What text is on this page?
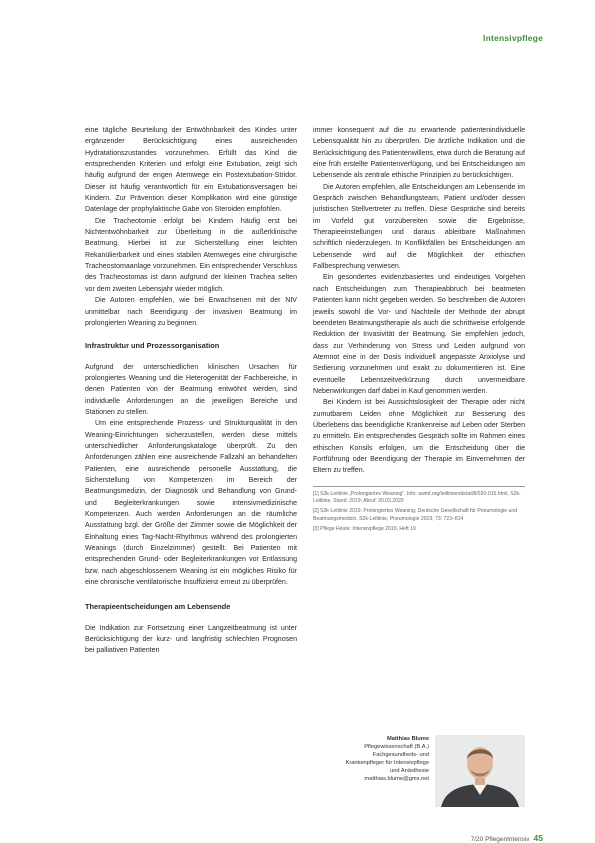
Intensivpflege

eine tägliche Beurteilung der Entwöhnbarkeit des Kindes unter ergänzender Berücksichtigung eines ausreichenden Hydratationszustandes vorzunehmen. Erfüllt das Kind die entsprechenden Kriterien und erfolgt eine Extubation, zeigt sich häufig aufgrund der engen Atemwege ein Postextubation-Stridor. Dieser ist häufig verantwortlich für ein Extubationsversagen bei Kindern. Zur Prävention dieser Komplikation wird eine günstige Datenlage der prophylaktische Gabe von Steroiden empfohlen.

Die Tracheotomie erfolgt bei Kindern häufig erst bei Nichtentwöhnbarkeit zur Überleitung in die außerklinische Beatmung. Hierbei ist zur Sicherstellung einer leichten Rekanülierbarkeit und eines stabilen Atemweges eine chirurgische Tracheostomaanlage vorzunehmen. Ein entsprechender Verschluss des Tracheostomas ist dann aufgrund der kleinen Trachea selten vor dem zweiten Lebensjahr wieder möglich.

Die Autoren empfehlen, wie bei Erwachsenen mit der NIV unmittelbar nach Beendigung der invasiven Beatmung im prolongierten Weaning zu beginnen.

Infrastruktur und Prozessorganisation

Aufgrund der unterschiedlichen klinischen Ursachen für prolongiertes Weaning und die Heterogenität der Fachbereiche, in denen Patienten von der Beatmung entwöhnt werden, sind individuelle Anforderungen an die jeweiligen Bereiche und Stationen zu stellen.

Um eine entsprechende Prozess- und Strukturqualität in den Weaning-Einrichtungen sicherzustellen, werden diese mittels unterschiedlicher Anforderungskataloge überprüft. Zu den Anforderungen zählen eine ausreichende Fallzahl an behandelten Patienten, eine ausreichende personelle Ausstattung, die Sicherstellung von Kompetenzen im Bereich der Beatmungsmedizin, der Diagnostik und Behandlung von Grund- und Begleiterkrankungen sowie intensivmedizinische Kompetenzen. Auch werden Anforderungen an die räumliche Ausstattung bzgl. der Größe der Zimmer sowie die Möglichkeit der Einhaltung eines Tag-Nacht-Rhythmus während des prolongierten Weanings (durch Einzelzimmer) gestellt. Bei Patienten mit entsprechenden Grund- oder Begleiterkrankungen vor Entlassung bzw. nach abgeschlossenem Weaning ist ein mögliches Risiko für eine chronische ventilatorische Insuffizienz erneut zu überprüfen.

Therapieentscheidungen am Lebensende

Die Indikation zur Fortsetzung einer Langzeitbeatmung ist unter Berücksichtigung der kurz- und langfristig schlechten Prognosen bei palliativen Patienten

immer konsequent auf die zu erwartende patientenindividuelle Lebensqualität hin zu überprüfen. Die ärztliche Indikation und die Berücksichtigung des Patientenwillens, etwa durch die Beratung auf eine früh erstellte Patientenverfügung, und bei Entscheidungen am Lebensende als zentrale ethische Prinzipien zu berücksichtigen.

Die Autoren empfehlen, alle Entscheidungen am Lebensende im Gespräch zwischen Behandlungsteam, Patient und/oder dessen juristischen Stellvertreter zu treffen. Diese Gespräche sind bereits im Vorfeld gut vorzubereiten sowie die Ergebnisse, Therapieeinstellungen und daraus ableitbare Maßnahmen schriftlich niederzulegen. In Konfliktfällen bei Entscheidungen am Lebensende wird auf die Möglichkeit der ethischen Fallbesprechung verwiesen.

Ein gesondertes evidenzbasiertes und eindeutiges Vorgehen nach Entscheidungen zum Therapieabbruch bei beatmeten Patienten kann nicht gegeben werden. So beschreiben die Autoren jeweils sowohl die Vor- und Nachteile der Methode der abrupt beendeten Beatmungstherapie als auch die schrittweise erfolgende Reduktion der Invasivität der Beatmung. Sie empfehlen jedoch, dass zur Verhinderung von Stress und Leiden aufgrund von Atemnot eine in der Dosis individuell angepasste Anxiolyse und Sedierung vorzunehmen und exakt zu dokumentieren ist. Eine eventuelle Lebenszeitverkürzung durch unvermeidbare Nebenwirkungen darf dabei in Kauf genommen werden.

Bei Kindern ist bei Aussichtslosigkeit der Therapie oder nicht zumutbarem Leiden ohne Möglichkeit zur Besserung des Überlebens das beendigliche Krankenreise auf Leben oder Sterben zu ermitteln. Ein entsprechendes Gespräch sollte im Rahmen eines ethischen Konsils erfolgen, um die Entscheidung über die Fortführung oder Beendigung der Therapie im Einvernehmen der Eltern zu treffen.

[1] S2k-Leitlinie „Prolongiertes Weaning“. Info: awmf.org/leitlinien/detail/ll/020-015.html, S2k-Leitlinie, Stand: 2019; Abruf: 20.03.2020

[2] S2k-Leitlinie 2019. Prolongiertes Weaning; Deutsche Gesellschaft für Pneumologie und Beatmungsmedizin. S2k-Leitlinie, Pneumologie 2019; 73: 723–814

[3] Pflege Heute: Intensivpflege 2019, Heft 19

Matthias Blume
Pflegewissenschaft (B.A.)
Fachgesundheits- und
Krankenpfleger für Intensivpflege
und Anästhesie
matthias.blume@gmx.net
7/20 PflegenIntensiv 45
